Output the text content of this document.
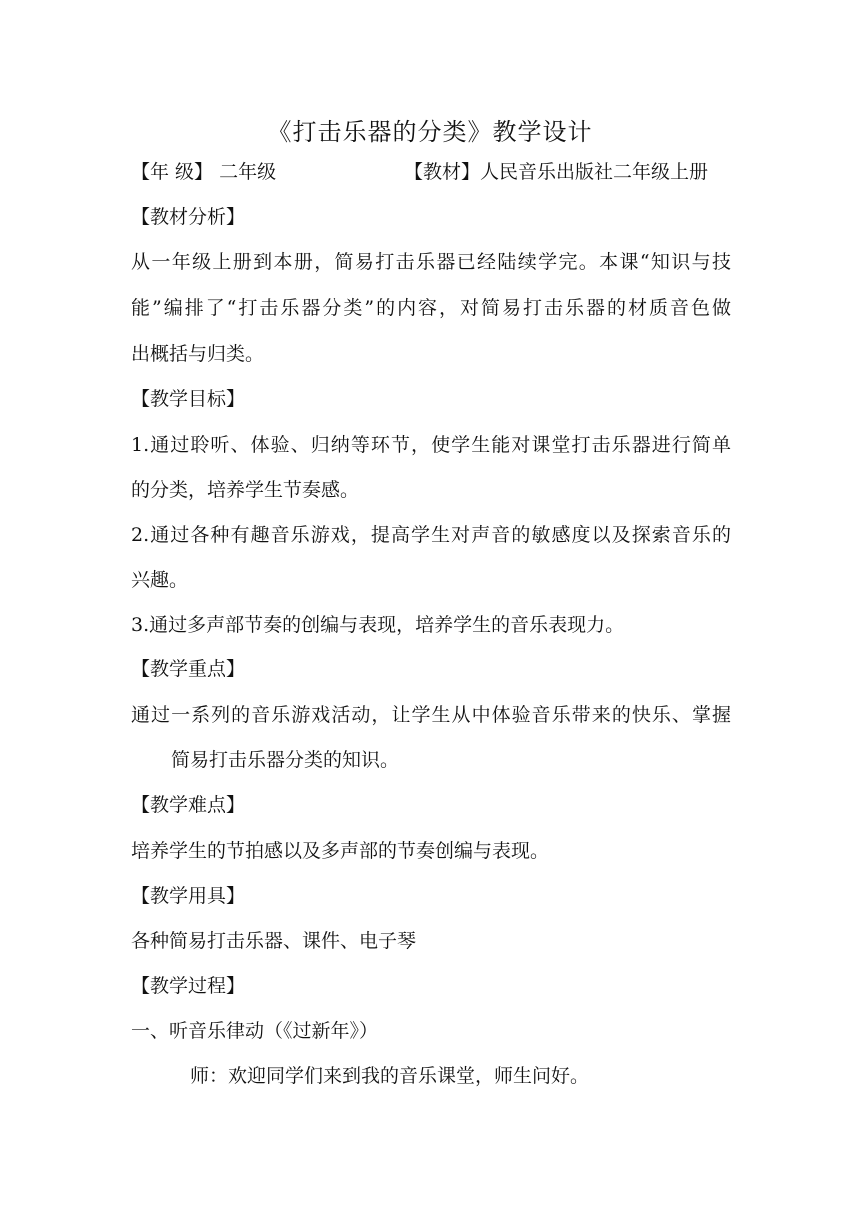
《打击乐器的分类》教学设计
【年 级】 二年级	【教材】人民音乐出版社二年级上册
【教材分析】
从一年级上册到本册，简易打击乐器已经陆续学完。本课“知识与技
能”编排了“打击乐器分类”的内容，对简易打击乐器的材质音色做
出概括与归类。
【教学目标】
1.通过聆听、体验、归纳等环节，使学生能对课堂打击乐器进行简单
的分类，培养学生节奏感。
2.通过各种有趣音乐游戏，提高学生对声音的敏感度以及探索音乐的
兴趣。
3.通过多声部节奏的创编与表现，培养学生的音乐表现力。
【教学重点】
通过一系列的音乐游戏活动，让学生从中体验音乐带来的快乐、掌握
简易打击乐器分类的知识。
【教学难点】
培养学生的节拍感以及多声部的节奏创编与表现。
【教学用具】
各种简易打击乐器、课件、电子琴
【教学过程】
一、听音乐律动（《过新年》）
师：欢迎同学们来到我的音乐课堂，师生问好。
